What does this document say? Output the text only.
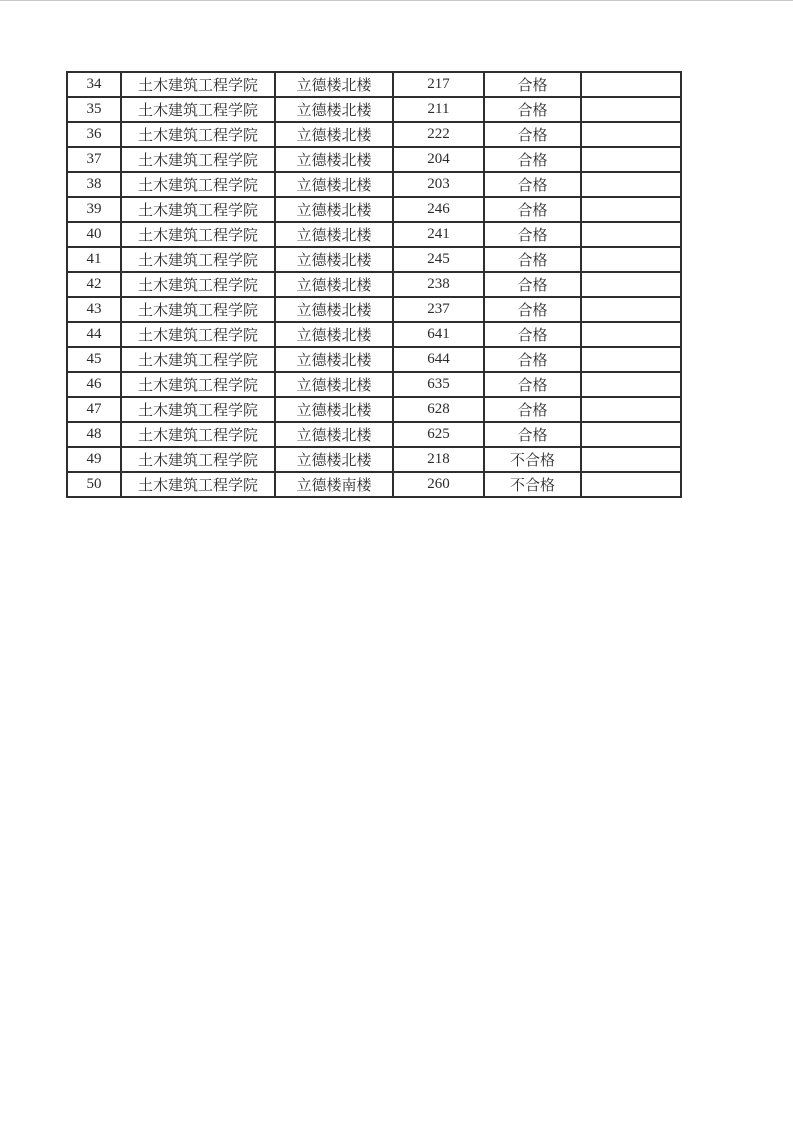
34	土木建筑工程学院	立德楼北楼	217	合格	
35	土木建筑工程学院	立德楼北楼	211	合格	
36	土木建筑工程学院	立德楼北楼	222	合格	
37	土木建筑工程学院	立德楼北楼	204	合格	
38	土木建筑工程学院	立德楼北楼	203	合格	
39	土木建筑工程学院	立德楼北楼	246	合格	
40	土木建筑工程学院	立德楼北楼	241	合格	
41	土木建筑工程学院	立德楼北楼	245	合格	
42	土木建筑工程学院	立德楼北楼	238	合格	
43	土木建筑工程学院	立德楼北楼	237	合格	
44	土木建筑工程学院	立德楼北楼	641	合格	
45	土木建筑工程学院	立德楼北楼	644	合格	
46	土木建筑工程学院	立德楼北楼	635	合格	
47	土木建筑工程学院	立德楼北楼	628	合格	
48	土木建筑工程学院	立德楼北楼	625	合格	
49	土木建筑工程学院	立德楼北楼	218	不合格	
50	土木建筑工程学院	立德楼南楼	260	不合格	
